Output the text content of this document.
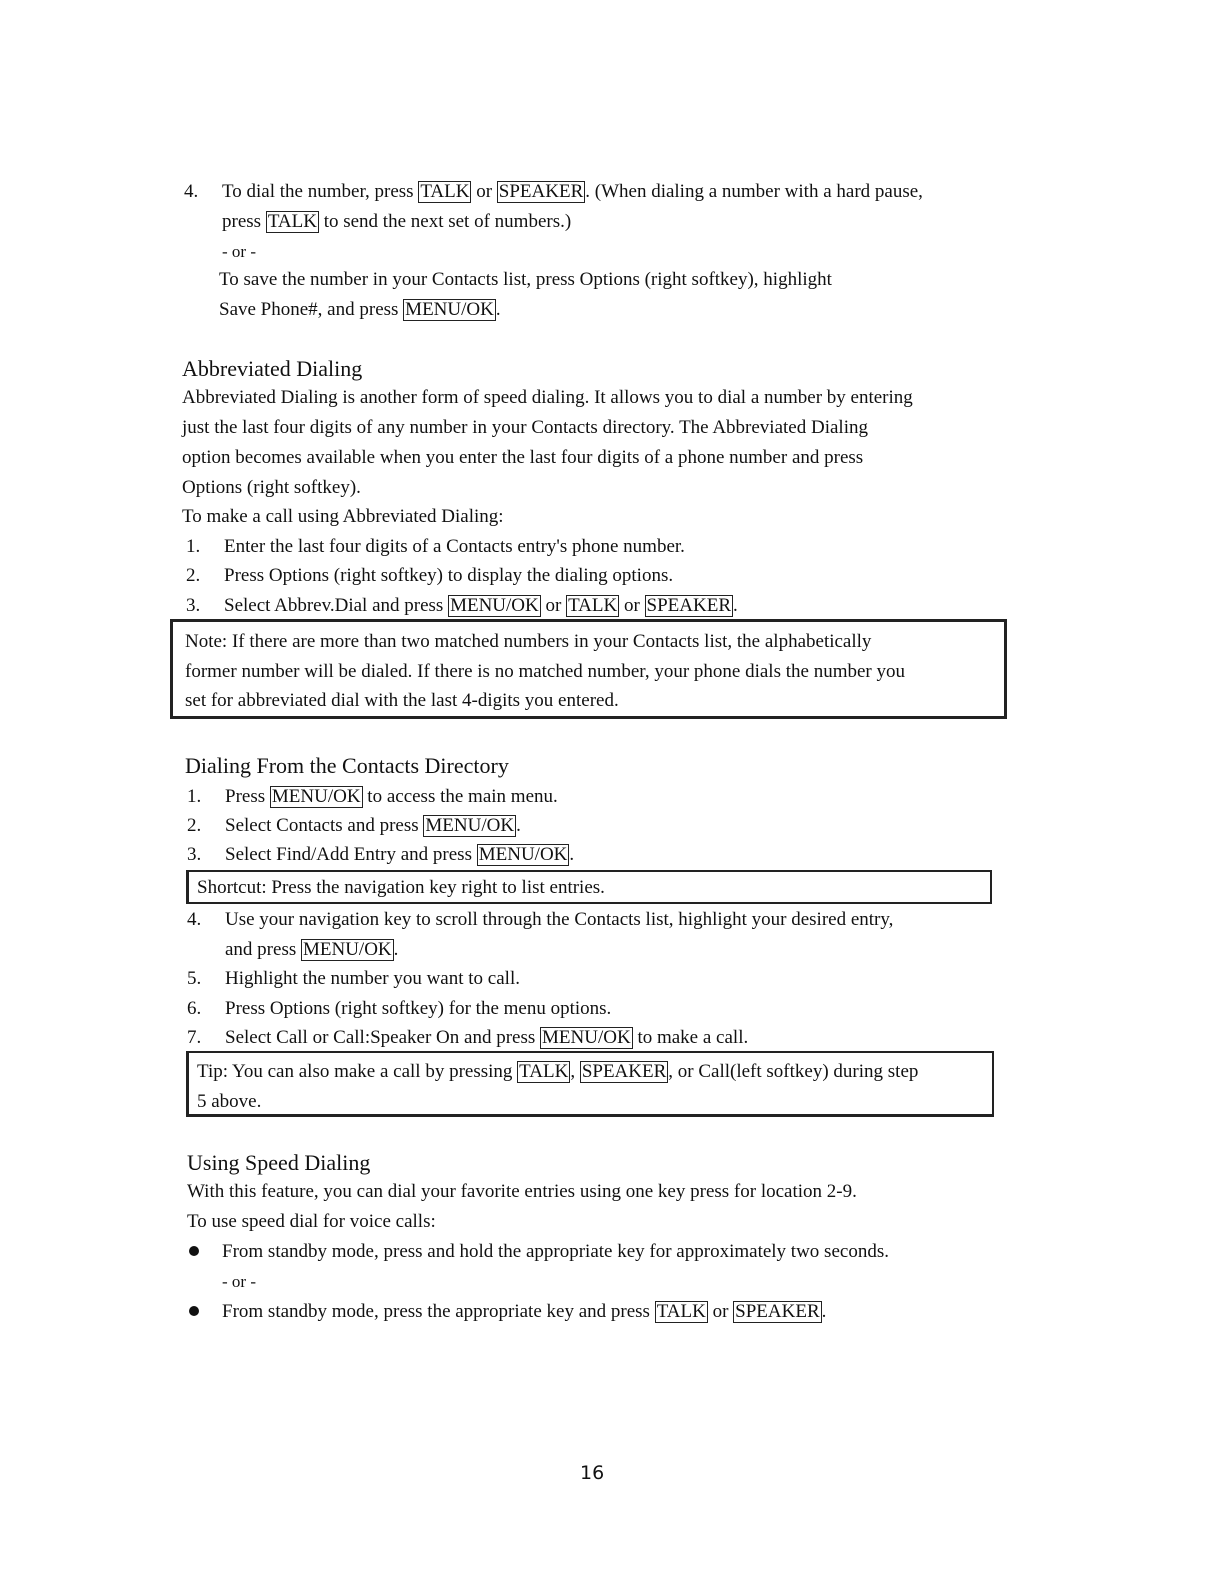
4. To dial the number, press TALK or SPEAKER . (When dialing a number with a hard pause,
press TALK to send the next set of numbers.)
- or -
To save the number in your Contacts list, press Options (right softkey), highlight
Save Phone#, and press MENU/OK .
Abbreviated Dialing
Abbreviated Dialing is another form of speed dialing. It allows you to dial a number by entering
just the last four digits of any number in your Contacts directory. The Abbreviated Dialing
option becomes available when you enter the last four digits of a phone number and press
Options (right softkey).
To make a call using Abbreviated Dialing:
1. Enter the last four digits of a Contacts entry's phone number.
2. Press Options (right softkey) to display the dialing options.
3. Select Abbrev.Dial and press MENU/OK or TALK or SPEAKER .
Note: If there are more than two matched numbers in your Contacts list, the alphabetically
former number will be dialed. If there is no matched number, your phone dials the number you
set for abbreviated dial with the last 4-digits you entered.
Dialing From the Contacts Directory
1. Press MENU/OK to access the main menu.
2. Select Contacts and press MENU/OK .
3. Select Find/Add Entry and press MENU/OK .
Shortcut: Press the navigation key right to list entries.
4. Use your navigation key to scroll through the Contacts list, highlight your desired entry,
and press MENU/OK .
5. Highlight the number you want to call.
6. Press Options (right softkey) for the menu options.
7. Select Call or Call:Speaker On and press MENU/OK to make a call.
Tip: You can also make a call by pressing TALK , SPEAKER , or Call(left softkey) during step
5 above.
Using Speed Dialing
With this feature, you can dial your favorite entries using one key press for location 2-9.
To use speed dial for voice calls:
From standby mode, press and hold the appropriate key for approximately two seconds.
- or -
From standby mode, press the appropriate key and press TALK or SPEAKER .
16
